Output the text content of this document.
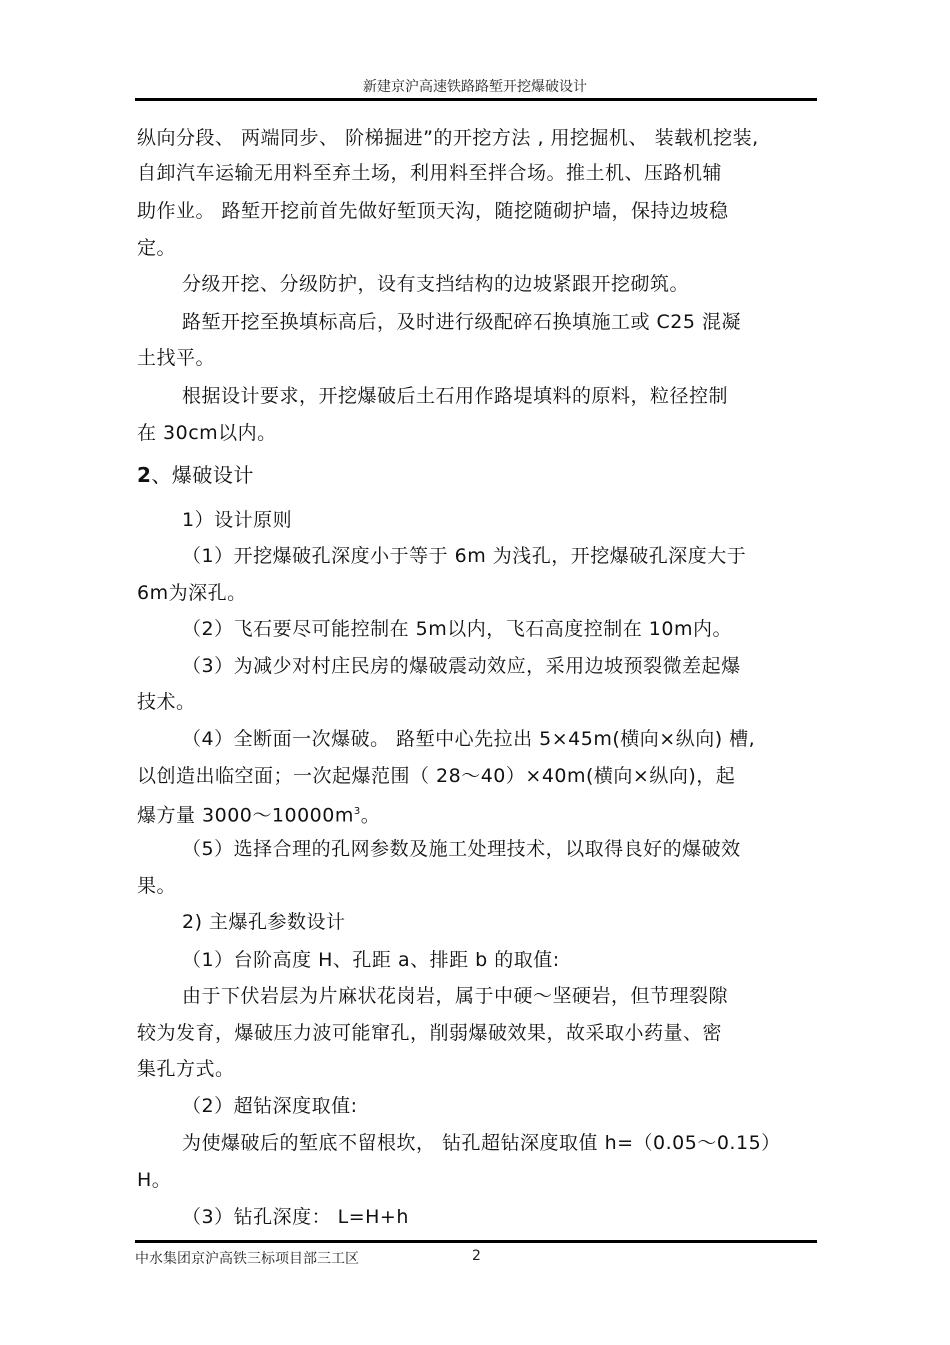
新建京沪高速铁路路堑开挖爆破设计
纵向分段、 两端同步、 阶梯掘进”的开挖方法 , 用挖掘机、 装载机挖装,
自卸汽车运输无用料至弃土场，利用料至拌合场。推土机、压路机辅
助作业。 路堑开挖前首先做好堑顶天沟，随挖随砌护墙，保持边坡稳
定。
分级开挖、分级防护，设有支挡结构的边坡紧跟开挖砌筑。
路堑开挖至换填标高后，及时进行级配碎石换填施工或 C25 混凝
土找平。
根据设计要求，开挖爆破后土石用作路堤填料的原料，粒径控制
在 30cm以内。
2、爆破设计
1）设计原则
（1）开挖爆破孔深度小于等于 6m 为浅孔，开挖爆破孔深度大于
6m为深孔。
（2）飞石要尽可能控制在 5m以内，飞石高度控制在 10m内。
（3）为减少对村庄民房的爆破震动效应，采用边坡预裂微差起爆
技术。
（4）全断面一次爆破。 路堑中心先拉出 5×45m(横向×纵向) 槽,
以创造出临空面；一次起爆范围（ 28～40）×40m(横向×纵向)，起
爆方量 $3000\sim 10000m^3$。
（5）选择合理的孔网参数及施工处理技术，以取得良好的爆破效
果。
2) 主爆孔参数设计
（1）台阶高度 H、孔距 a、排距 b 的取值:
由于下伏岩层为片麻状花岗岩，属于中硬～坚硬岩，但节理裂隙
较为发育，爆破压力波可能窜孔，削弱爆破效果，故采取小药量、密
集孔方式。
（2）超钻深度取值:
为使爆破后的堑底不留根坎， 钻孔超钻深度取值 h=（0.05～0.15）
H。
（3）钻孔深度： L=H+h
中水集团京沪高铁三标项目部三工区	2
